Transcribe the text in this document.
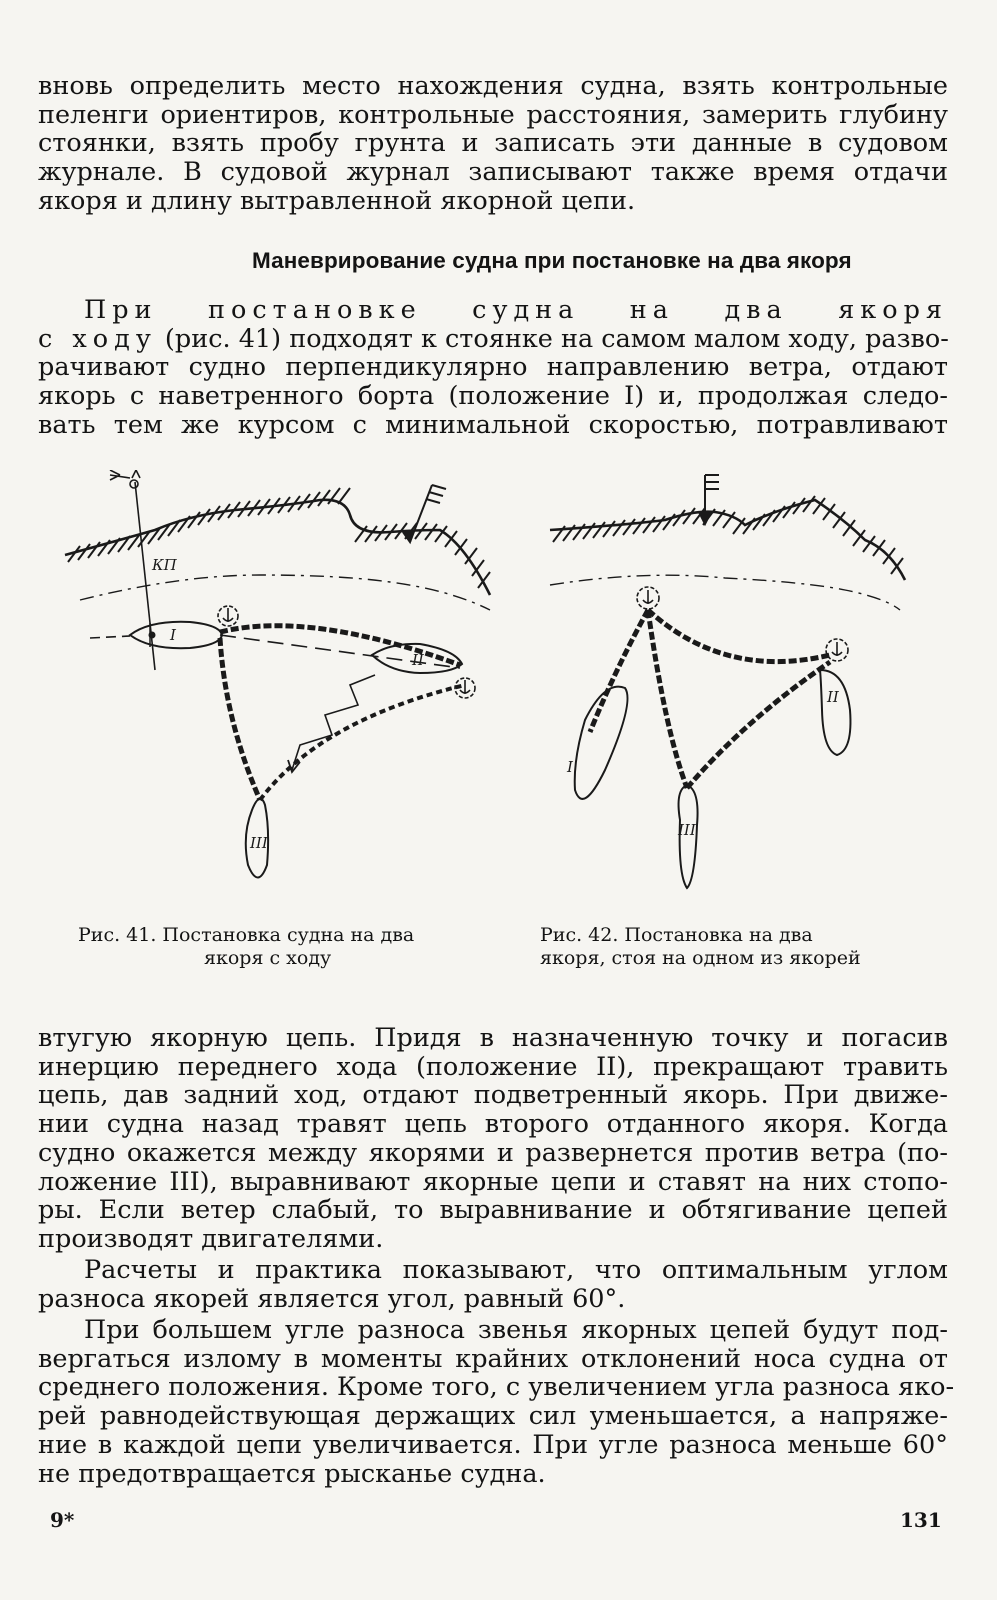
вновь определить место нахождения судна, взять контрольные
пеленги ориентиров, контрольные расстояния, замерить глубину
стоянки, взять пробу грунта и записать эти данные в судовом
журнале. В судовой журнал записывают также время отдачи
якоря и длину вытравленной якорной цепи.
Маневрирование судна при постановке на два якоря
При постановке судна на два якоря
с ходу (рис. 41) подходят к стоянке на самом малом ходу, разво-
рачивают судно перпендикулярно направлению ветра, отдают
якорь с наветренного борта (положение I) и, продолжая следо-
вать тем же курсом с минимальной скоростью, потравливают
I
II
III
КП
I
II
III
Рис. 41. Постановка судна на два
якоря с ходу
Рис. 42. Постановка на два
якоря, стоя на одном из якорей
втугую якорную цепь. Придя в назначенную точку и погасив
инерцию переднего хода (положение II), прекращают травить
цепь, дав задний ход, отдают подветренный якорь. При движе-
нии судна назад травят цепь второго отданного якоря. Когда
судно окажется между якорями и развернется против ветра (по-
ложение III), выравнивают якорные цепи и ставят на них стопо-
ры. Если ветер слабый, то выравнивание и обтягивание цепей
производят двигателями.
Расчеты и практика показывают, что оптимальным углом
разноса якорей является угол, равный 60°.
При большем угле разноса звенья якорных цепей будут под-
вергаться излому в моменты крайних отклонений носа судна от
среднего положения. Кроме того, с увеличением угла разноса яко-
рей равнодействующая держащих сил уменьшается, а напряже-
ние в каждой цепи увеличивается. При угле разноса меньше 60°
не предотвращается рысканье судна.
9*	131
